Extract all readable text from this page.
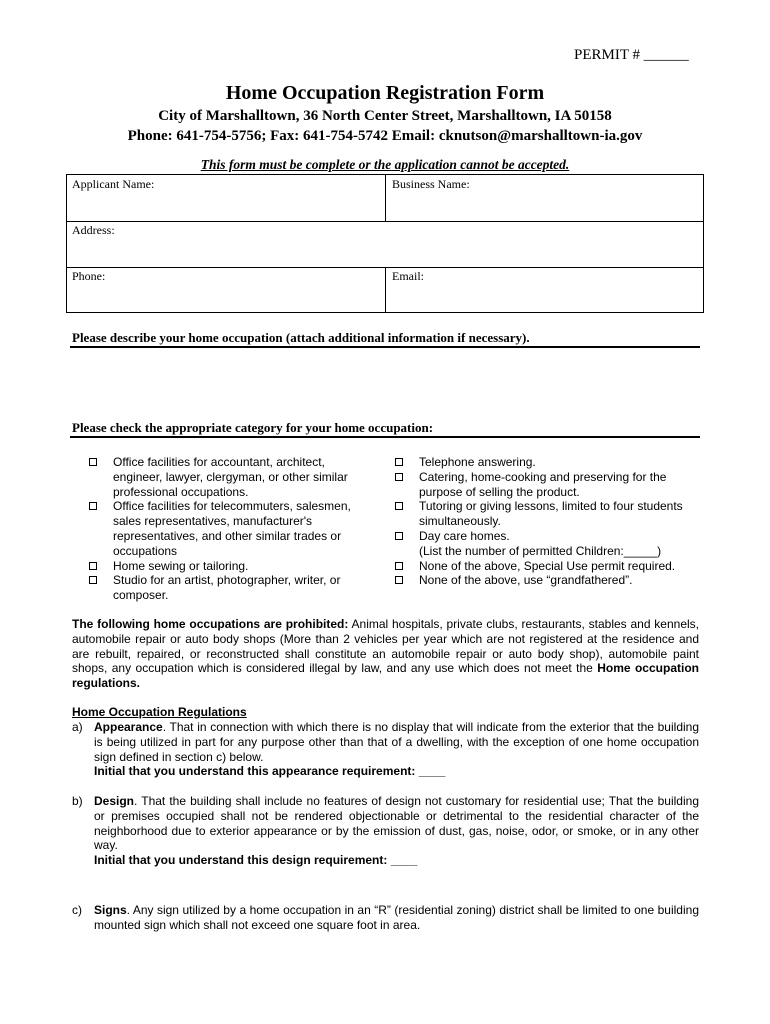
PERMIT # ______
Home Occupation Registration Form
City of Marshalltown, 36 North Center Street, Marshalltown, IA 50158
Phone: 641-754-5756; Fax: 641-754-5742 Email: cknutson@marshalltown-ia.gov
This form must be complete or the application cannot be accepted.
Applicant Name:	Business Name:
Address:
Phone:	Email:
Please describe your home occupation (attach additional information if necessary).
Please check the appropriate category for your home occupation:
Office facilities for accountant, architect, engineer, lawyer, clergyman, or other similar professional occupations.
Office facilities for telecommuters, salesmen, sales representatives, manufacturer's representatives, and other similar trades or occupations
Home sewing or tailoring.
Studio for an artist, photographer, writer, or composer.
Telephone answering.
Catering, home-cooking and preserving for the purpose of selling the product.
Tutoring or giving lessons, limited to four students simultaneously.
Day care homes.
(List the number of permitted Children:_____)
None of the above, Special Use permit required.
None of the above, use “grandfathered”.
The following home occupations are prohibited: Animal hospitals, private clubs, restaurants, stables and kennels, automobile repair or auto body shops (More than 2 vehicles per year which are not registered at the residence and are rebuilt, repaired, or reconstructed shall constitute an automobile repair or auto body shop), automobile paint shops, any occupation which is considered illegal by law, and any use which does not meet the Home occupation regulations.
Home Occupation Regulations
a) Appearance. That in connection with which there is no display that will indicate from the exterior that the building is being utilized in part for any purpose other than that of a dwelling, with the exception of one home occupation sign defined in section c) below.
Initial that you understand this appearance requirement: ____
b) Design. That the building shall include no features of design not customary for residential use; That the building or premises occupied shall not be rendered objectionable or detrimental to the residential character of the neighborhood due to exterior appearance or by the emission of dust, gas, noise, odor, or smoke, or in any other way.
Initial that you understand this design requirement: ____
c) Signs. Any sign utilized by a home occupation in an “R” (residential zoning) district shall be limited to one building mounted sign which shall not exceed one square foot in area.
